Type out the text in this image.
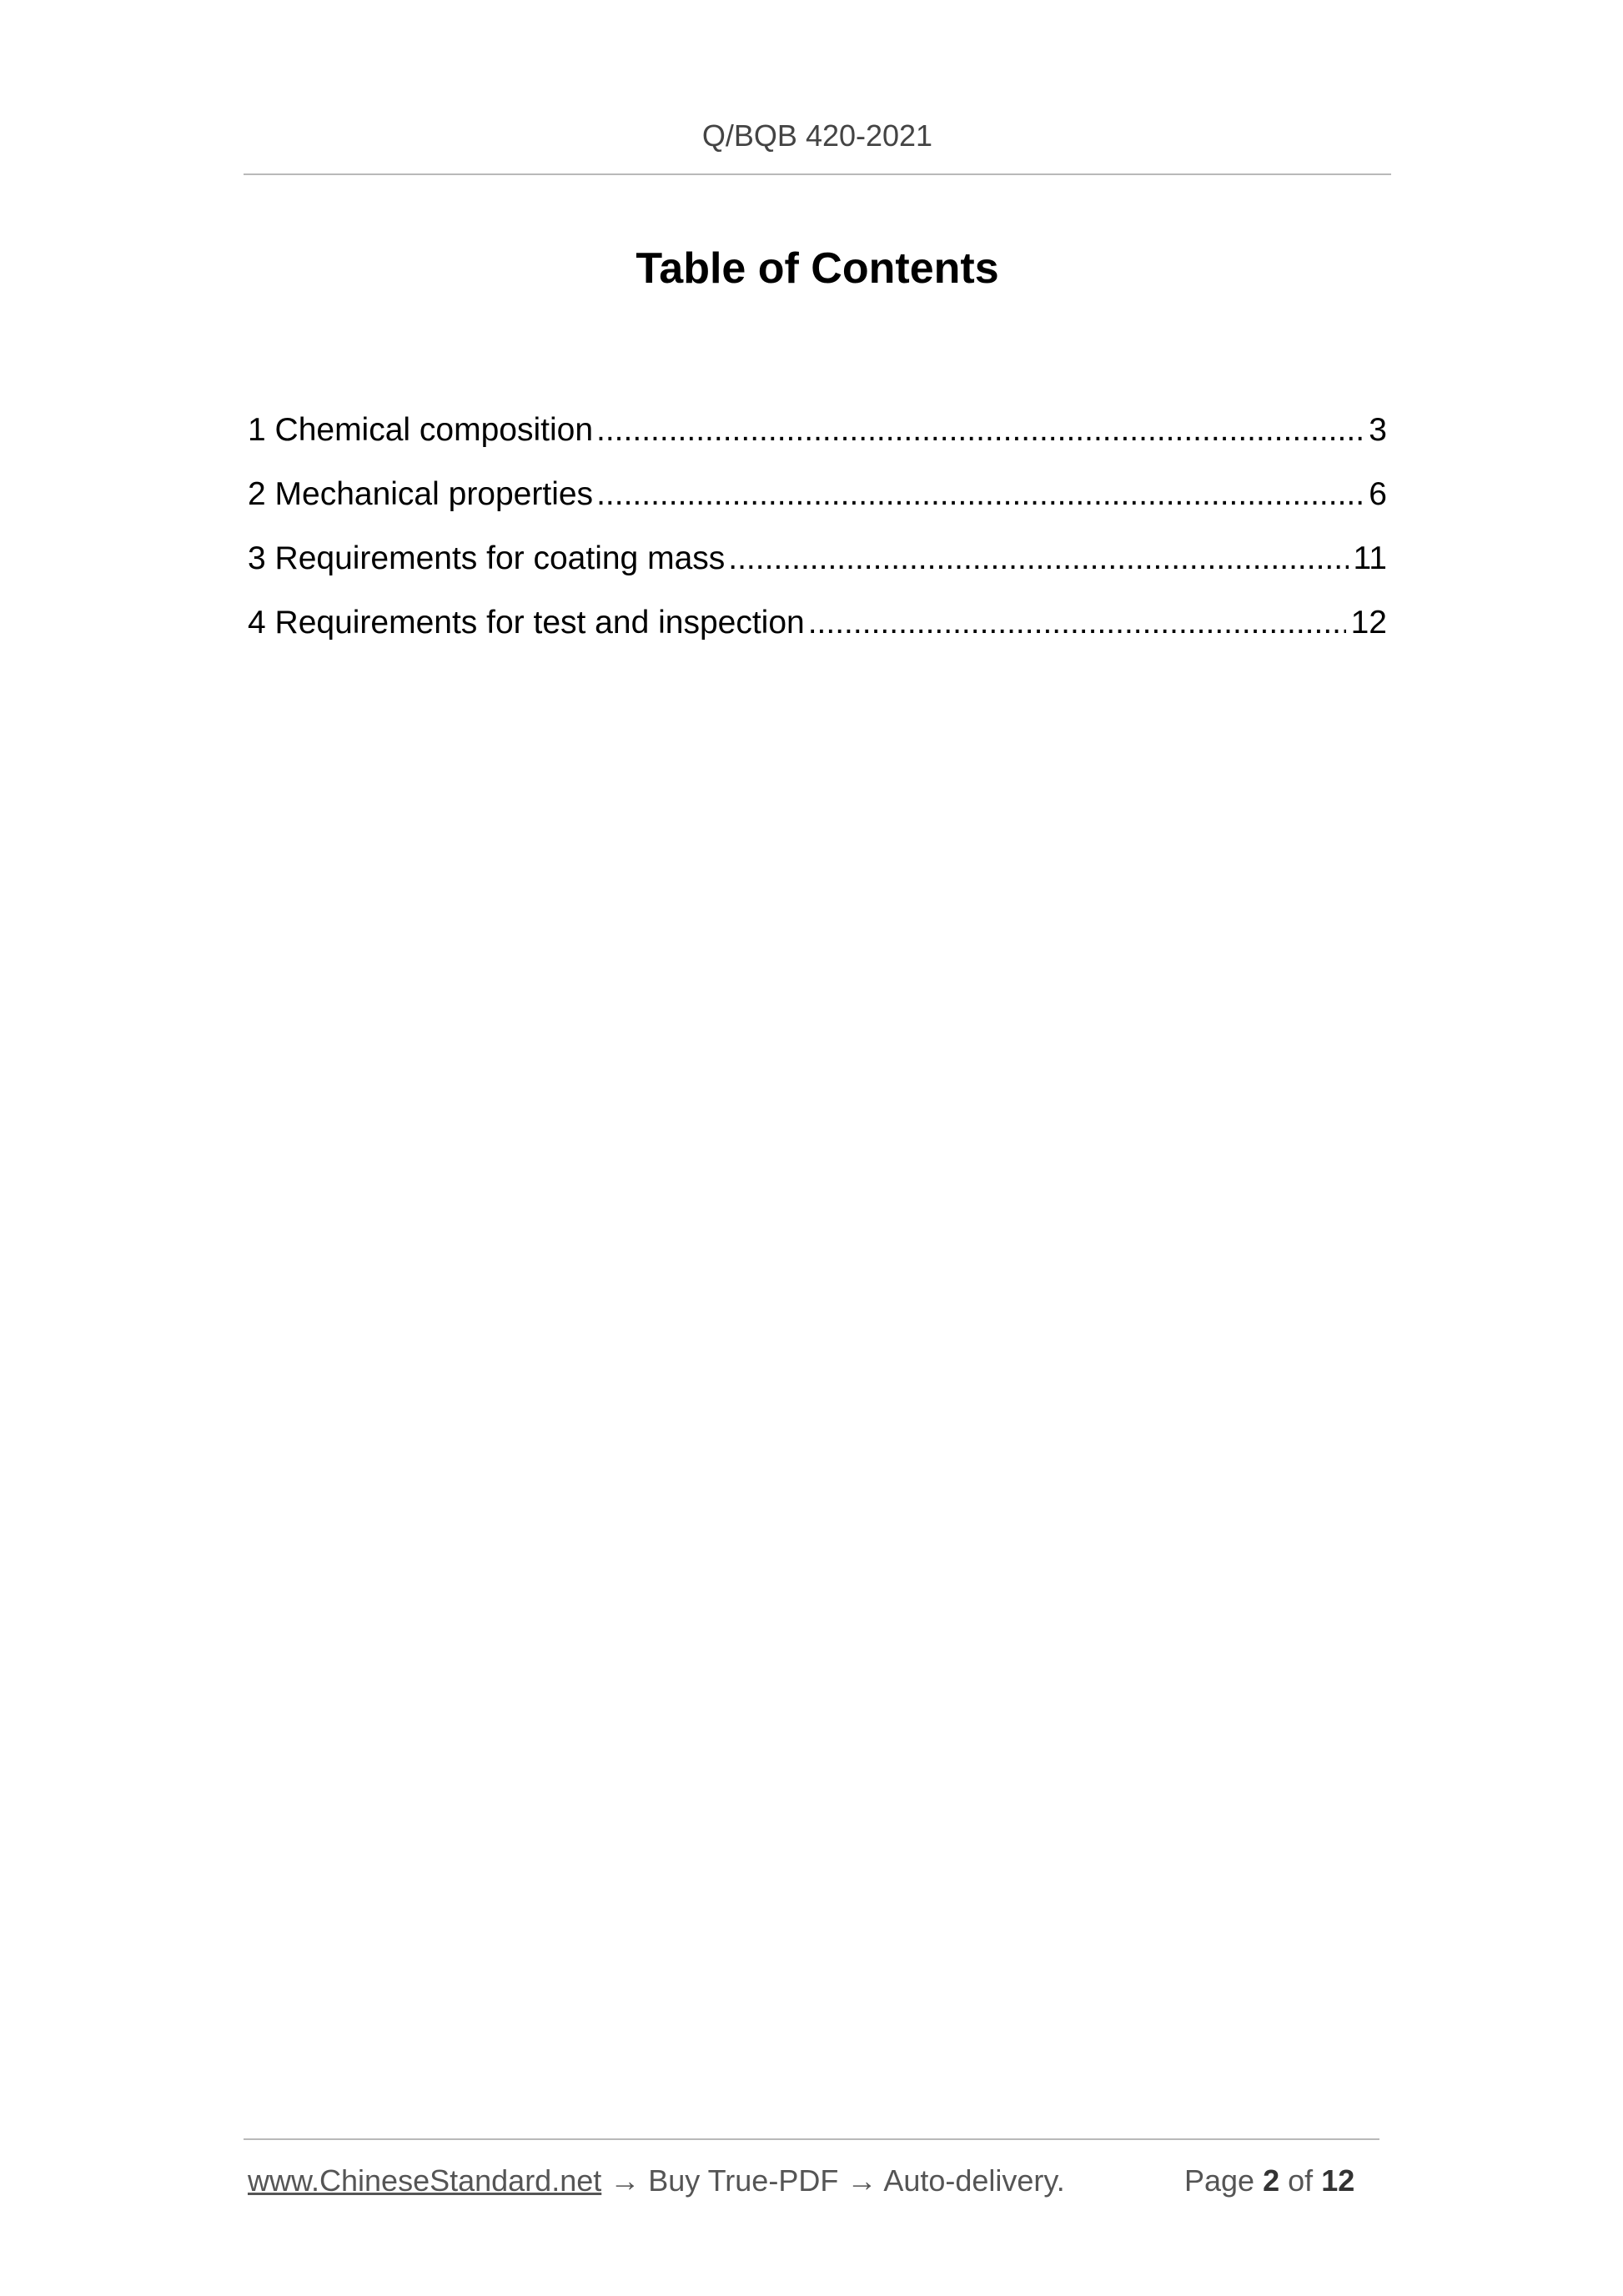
Q/BQB 420-2021
Table of Contents
1 Chemical composition .....	3
2 Mechanical properties .....	6
3 Requirements for coating mass .....	11
4 Requirements for test and inspection .....	12
www.ChineseStandard.net → Buy True-PDF → Auto-delivery.	Page 2 of 12
